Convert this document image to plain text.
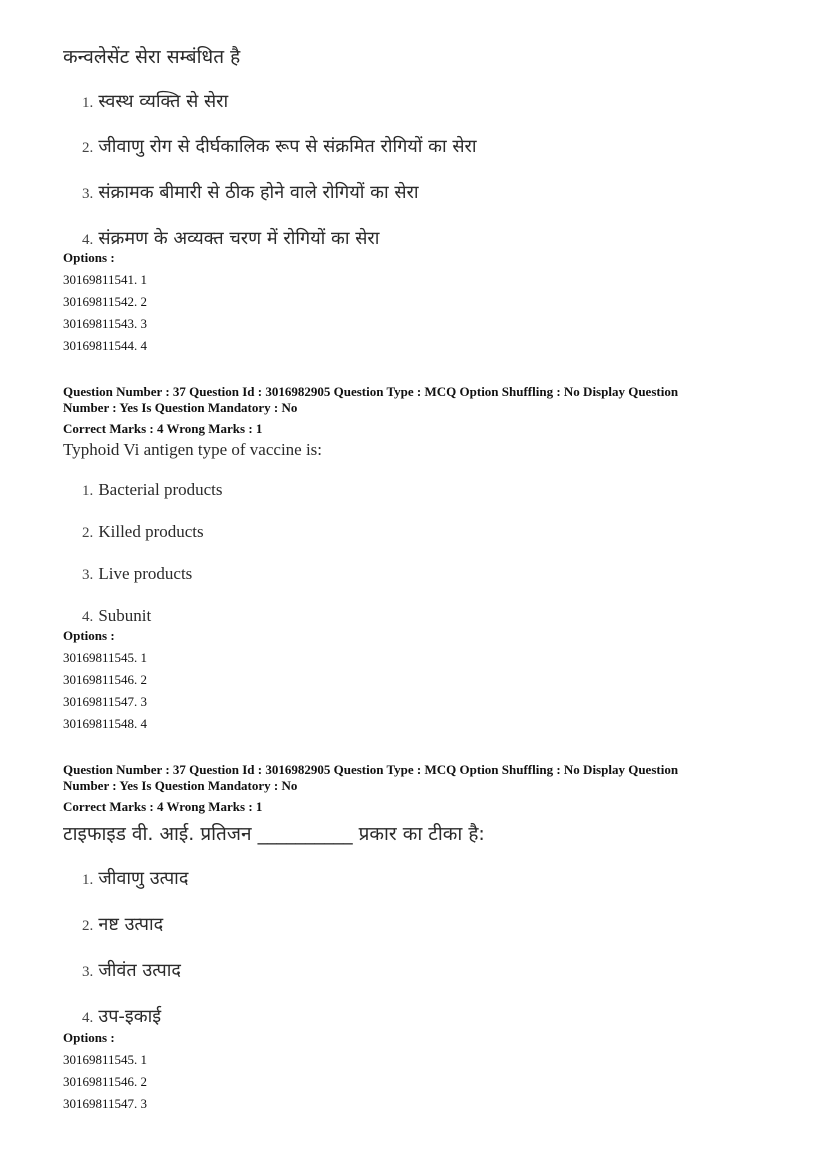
कन्वलेसेंट सेरा सम्बंधित है
1. स्वस्थ व्यक्ति से सेरा
2. जीवाणु रोग से दीर्घकालिक रूप से संक्रमित रोगियों का सेरा
3. संक्रामक बीमारी से ठीक होने वाले रोगियों का सेरा
4. संक्रमण के अव्यक्त चरण में रोगियों का सेरा
Options :
30169811541. 1
30169811542. 2
30169811543. 3
30169811544. 4
Question Number : 37 Question Id : 3016982905 Question Type : MCQ Option Shuffling : No Display Question
Number : Yes Is Question Mandatory : No
Correct Marks : 4 Wrong Marks : 1
Typhoid Vi antigen type of vaccine is:
1. Bacterial products
2. Killed products
3. Live products
4. Subunit
Options :
30169811545. 1
30169811546. 2
30169811547. 3
30169811548. 4
Question Number : 37 Question Id : 3016982905 Question Type : MCQ Option Shuffling : No Display Question
Number : Yes Is Question Mandatory : No
Correct Marks : 4 Wrong Marks : 1
टाइफाइड वी. आई. प्रतिजन __________ प्रकार का टीका है:
1. जीवाणु उत्पाद
2. नष्ट उत्पाद
3. जीवंत उत्पाद
4. उप-इकाई
Options :
30169811545. 1
30169811546. 2
30169811547. 3
